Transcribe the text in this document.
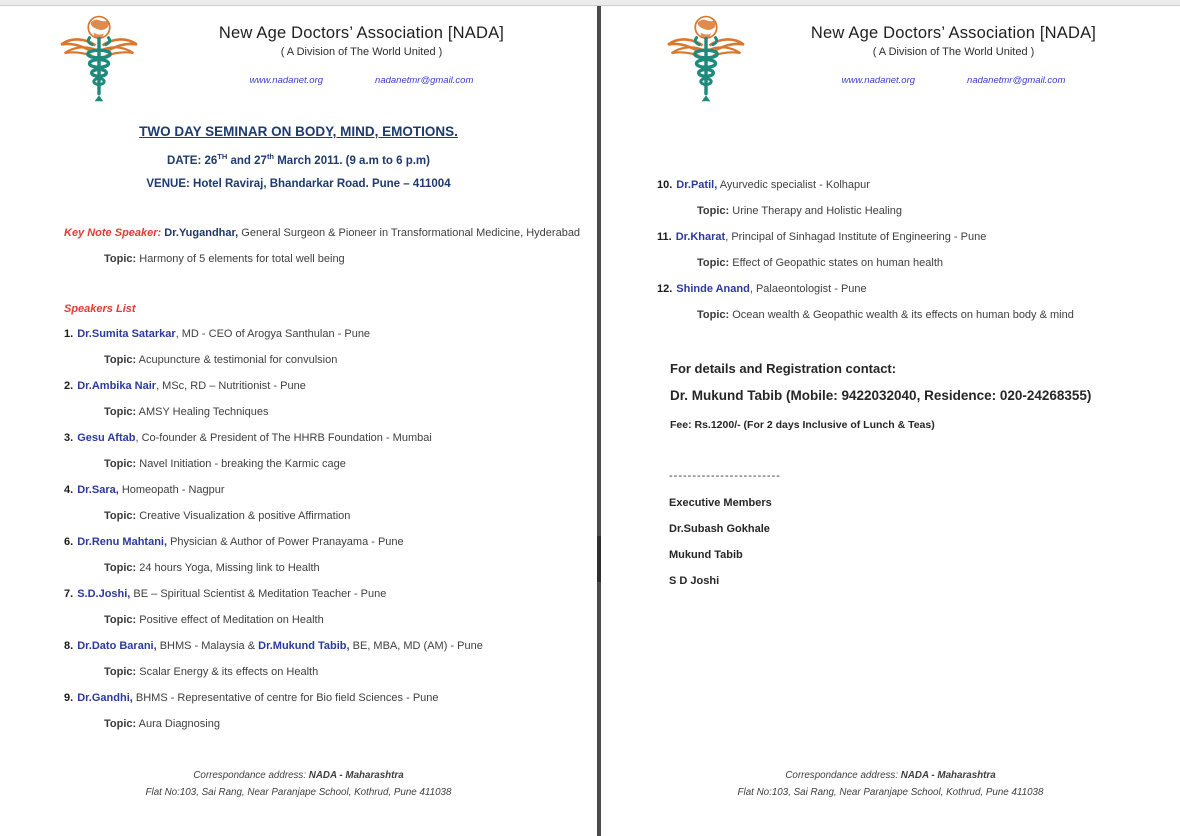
New Age Doctors’ Association [NADA]
( A Division of The World United )
www.nadanet.org	nadanetmr@gmail.com
TWO DAY SEMINAR ON BODY, MIND, EMOTIONS.
DATE: 26TH and 27th March 2011. (9 a.m to 6 p.m)
VENUE: Hotel Raviraj, Bhandarkar Road. Pune – 411004
Key Note Speaker: Dr.Yugandhar, General Surgeon & Pioneer in Transformational Medicine, Hyderabad
Topic: Harmony of 5 elements for total well being
Speakers List
1. Dr.Sumita Satarkar, MD - CEO of Arogya Santhulan - Pune
Topic: Acupuncture & testimonial for convulsion
2. Dr.Ambika Nair, MSc, RD – Nutritionist - Pune
Topic: AMSY Healing Techniques
3. Gesu Aftab, Co-founder & President of The HHRB Foundation - Mumbai
Topic: Navel Initiation - breaking the Karmic cage
4. Dr.Sara, Homeopath - Nagpur
Topic: Creative Visualization & positive Affirmation
6. Dr.Renu Mahtani, Physician & Author of Power Pranayama - Pune
Topic: 24 hours Yoga, Missing link to Health
7. S.D.Joshi, BE – Spiritual Scientist & Meditation Teacher - Pune
Topic: Positive effect of Meditation on Health
8. Dr.Dato Barani, BHMS - Malaysia & Dr.Mukund Tabib, BE, MBA, MD (AM) - Pune
Topic: Scalar Energy & its effects on Health
9. Dr.Gandhi, BHMS - Representative of centre for Bio field Sciences - Pune
Topic: Aura Diagnosing
Correspondance address: NADA - Maharashtra
Flat No:103, Sai Rang, Near Paranjape School, Kothrud, Pune 411038
New Age Doctors’ Association [NADA]
( A Division of The World United )
www.nadanet.org	nadanetmr@gmail.com
10. Dr.Patil, Ayurvedic specialist - Kolhapur
Topic: Urine Therapy and Holistic Healing
11. Dr.Kharat, Principal of Sinhagad Institute of Engineering - Pune
Topic: Effect of Geopathic states on human health
12. Shinde Anand, Palaeontologist - Pune
Topic: Ocean wealth & Geopathic wealth & its effects on human body & mind
For details and Registration contact:
Dr. Mukund Tabib (Mobile: 9422032040, Residence: 020-24268355)
Fee: Rs.1200/- (For 2 days Inclusive of Lunch & Teas)
------------------------
Executive Members
Dr.Subash Gokhale
Mukund Tabib
S D Joshi
Correspondance address: NADA - Maharashtra
Flat No:103, Sai Rang, Near Paranjape School, Kothrud, Pune 411038
